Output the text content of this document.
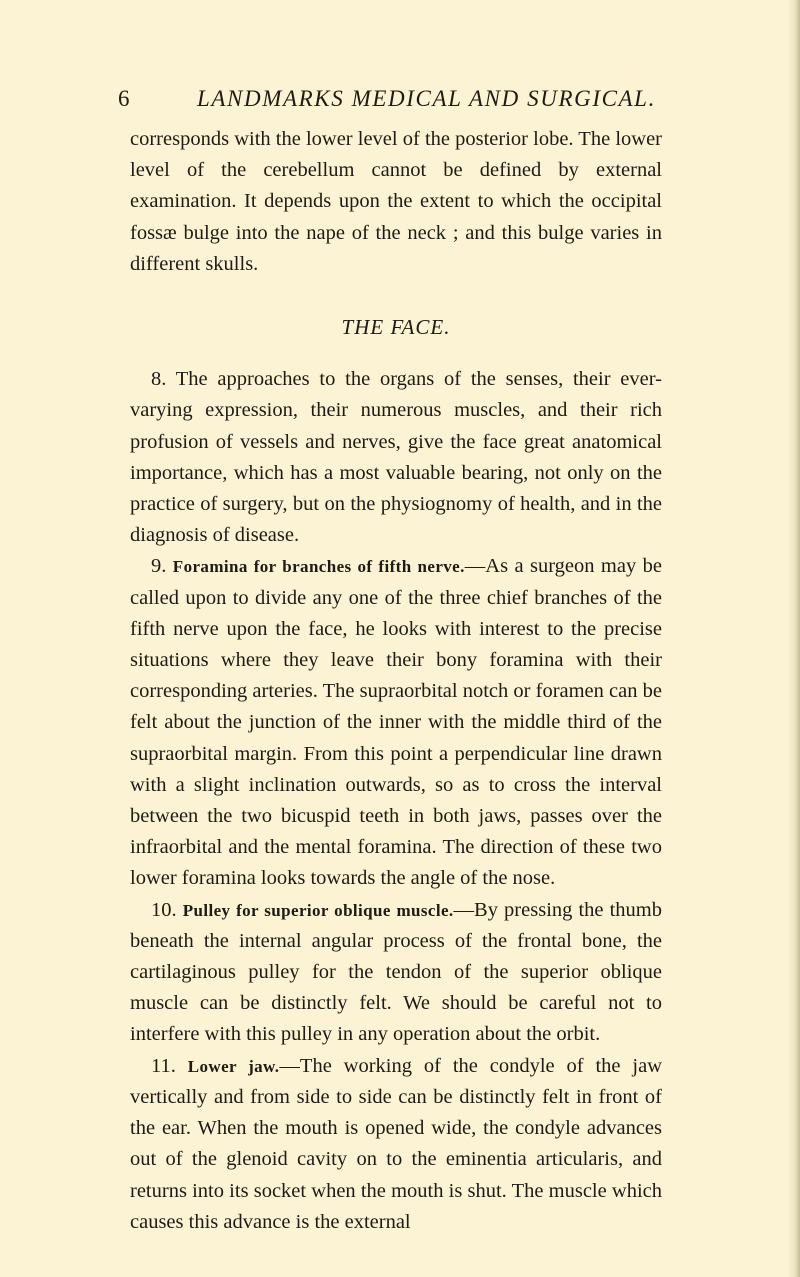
6	LANDMARKS MEDICAL AND SURGICAL.

corresponds with the lower level of the posterior lobe. The lower level of the cerebellum cannot be defined by external examination. It depends upon the extent to which the occipital fossæ bulge into the nape of the neck ; and this bulge varies in different skulls.

THE FACE.

8. The approaches to the organs of the senses, their ever-varying expression, their numerous muscles, and their rich profusion of vessels and nerves, give the face great anatomical importance, which has a most valuable bearing, not only on the practice of surgery, but on the physiognomy of health, and in the diagnosis of disease.

9. Foramina for branches of fifth nerve.—As a surgeon may be called upon to divide any one of the three chief branches of the fifth nerve upon the face, he looks with interest to the precise situations where they leave their bony foramina with their corresponding arteries. The supraorbital notch or foramen can be felt about the junction of the inner with the middle third of the supraorbital margin. From this point a perpendicular line drawn with a slight inclination outwards, so as to cross the interval between the two bicuspid teeth in both jaws, passes over the infraorbital and the mental foramina. The direction of these two lower foramina looks towards the angle of the nose.

10. Pulley for superior oblique muscle.—By pressing the thumb beneath the internal angular process of the frontal bone, the cartilaginous pulley for the tendon of the superior oblique muscle can be distinctly felt. We should be careful not to interfere with this pulley in any operation about the orbit.

11. Lower jaw.—The working of the condyle of the jaw vertically and from side to side can be distinctly felt in front of the ear. When the mouth is opened wide, the condyle advances out of the glenoid cavity on to the eminentia articularis, and returns into its socket when the mouth is shut. The muscle which causes this advance is the external
